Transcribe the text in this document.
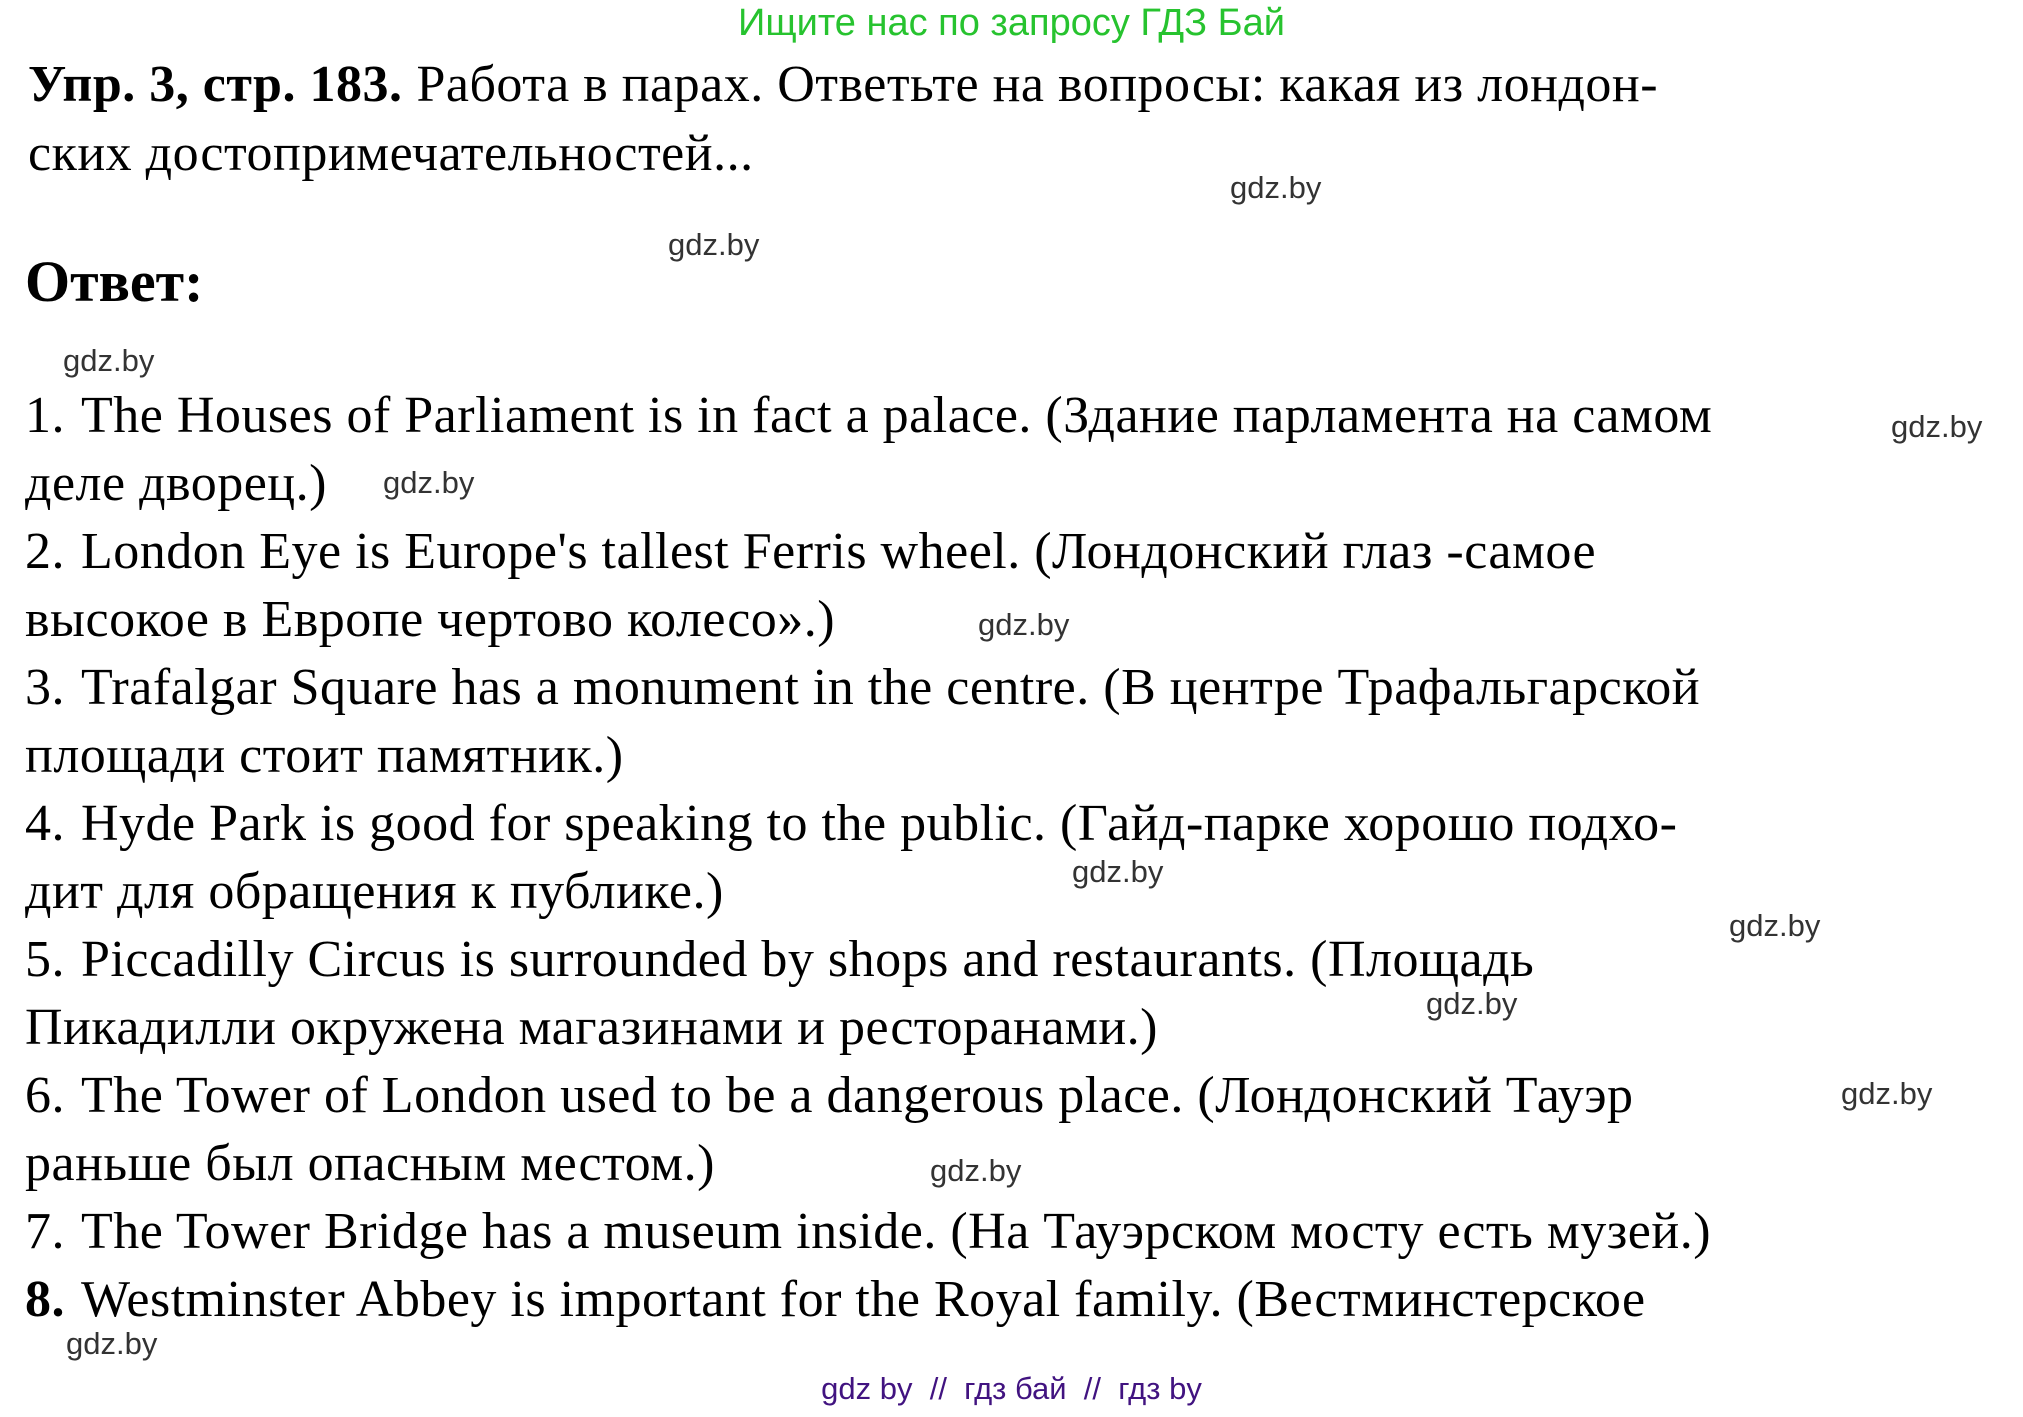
Ищите нас по запросу ГДЗ Бай
Упр. 3, стр. 183. Работа в парах. Ответьте на вопросы: какая из лондон-
ских достопримечательностей...
Ответ:
1. The Houses of Parliament is in fact a palace. (Здание парламента на самом
деле дворец.)
2. London Eye is Europe's tallest Ferris wheel. (Лондонский глаз -самое
высокое в Европе чертово колесо».)
3. Trafalgar Square has a monument in the centre. (В центре Трафальгарской
площади стоит памятник.)
4. Hyde Park is good for speaking to the public. (Гайд-парке хорошо подхо-
дит для обращения к публике.)
5. Piccadilly Circus is surrounded by shops and restaurants. (Площадь
Пикадилли окружена магазинами и ресторанами.)
6. The Tower of London used to be a dangerous place. (Лондонский Тауэр
раньше был опасным местом.)
7. The Tower Bridge has a museum inside. (На Тауэрском мосту есть музей.)
8. Westminster Abbey is important for the Royal family. (Вестминстерское
gdz.by
gdz.by
gdz.by
gdz.by
gdz.by
gdz.by
gdz.by
gdz.by
gdz.by
gdz.by
gdz.by
gdz.by
gdz by  //  гдз бай  //  гдз by
